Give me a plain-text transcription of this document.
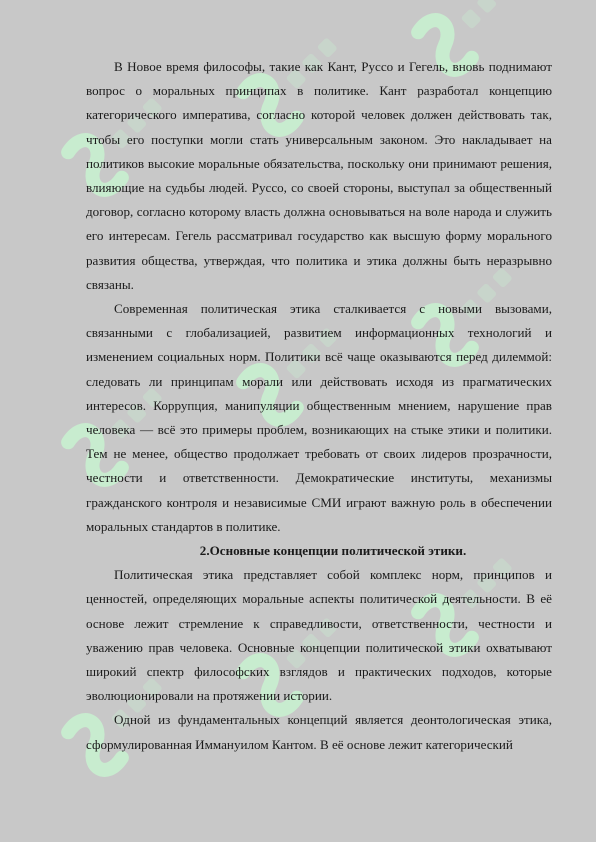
В Новое время философы, такие как Кант, Руссо и Гегель, вновь поднимают вопрос о моральных принципах в политике. Кант разработал концепцию категорического императива, согласно которой человек должен действовать так, чтобы его поступки могли стать универсальным законом. Это накладывает на политиков высокие моральные обязательства, поскольку они принимают решения, влияющие на судьбы людей. Руссо, со своей стороны, выступал за общественный договор, согласно которому власть должна основываться на воле народа и служить его интересам. Гегель рассматривал государство как высшую форму морального развития общества, утверждая, что политика и этика должны быть неразрывно связаны.

Современная политическая этика сталкивается с новыми вызовами, связанными с глобализацией, развитием информационных технологий и изменением социальных норм. Политики всё чаще оказываются перед дилеммой: следовать ли принципам морали или действовать исходя из прагматических интересов. Коррупция, манипуляции общественным мнением, нарушение прав человека — всё это примеры проблем, возникающих на стыке этики и политики. Тем не менее, общество продолжает требовать от своих лидеров прозрачности, честности и ответственности. Демократические институты, механизмы гражданского контроля и независимые СМИ играют важную роль в обеспечении моральных стандартов в политике.

2.Основные концепции политической этики.

Политическая этика представляет собой комплекс норм, принципов и ценностей, определяющих моральные аспекты политической деятельности. В её основе лежит стремление к справедливости, ответственности, честности и уважению прав человека. Основные концепции политической этики охватывают широкий спектр философских взглядов и практических подходов, которые эволюционировали на протяжении истории.

Одной из фундаментальных концепций является деонтологическая этика, сформулированная Иммануилом Кантом. В её основе лежит категорический
